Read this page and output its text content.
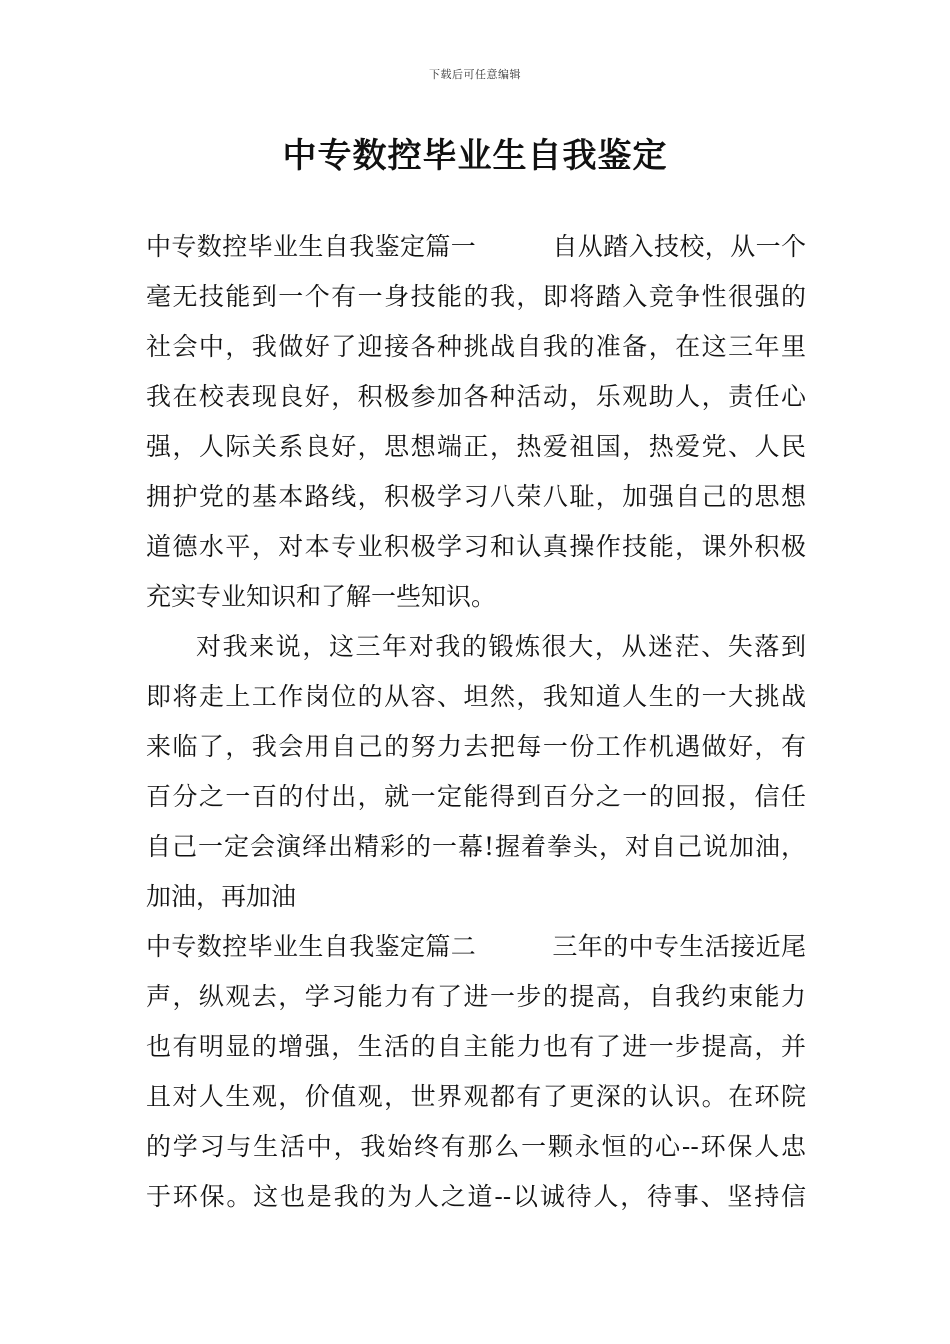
下载后可任意编辑
中专数控毕业生自我鉴定
中专数控毕业生自我鉴定篇一　　　自从踏入技校，从一个
毫无技能到一个有一身技能的我，即将踏入竞争性很强的
社会中，我做好了迎接各种挑战自我的准备，在这三年里
我在校表现良好，积极参加各种活动，乐观助人，责任心
强，人际关系良好，思想端正，热爱祖国，热爱党、人民
拥护党的基本路线，积极学习八荣八耻，加强自己的思想
道德水平，对本专业积极学习和认真操作技能，课外积极
充实专业知识和了解一些知识。
对我来说，这三年对我的锻炼很大，从迷茫、失落到
即将走上工作岗位的从容、坦然，我知道人生的一大挑战
来临了，我会用自己的努力去把每一份工作机遇做好，有
百分之一百的付出，就一定能得到百分之一的回报，信任
自己一定会演绎出精彩的一幕!握着拳头，对自己说加油，
加油，再加油
中专数控毕业生自我鉴定篇二　　　三年的中专生活接近尾
声，纵观去，学习能力有了进一步的提高，自我约束能力
也有明显的增强，生活的自主能力也有了进一步提高，并
且对人生观，价值观，世界观都有了更深的认识。在环院
的学习与生活中，我始终有那么一颗永恒的心--环保人忠
于环保。这也是我的为人之道--以诚待人，待事、坚持信
